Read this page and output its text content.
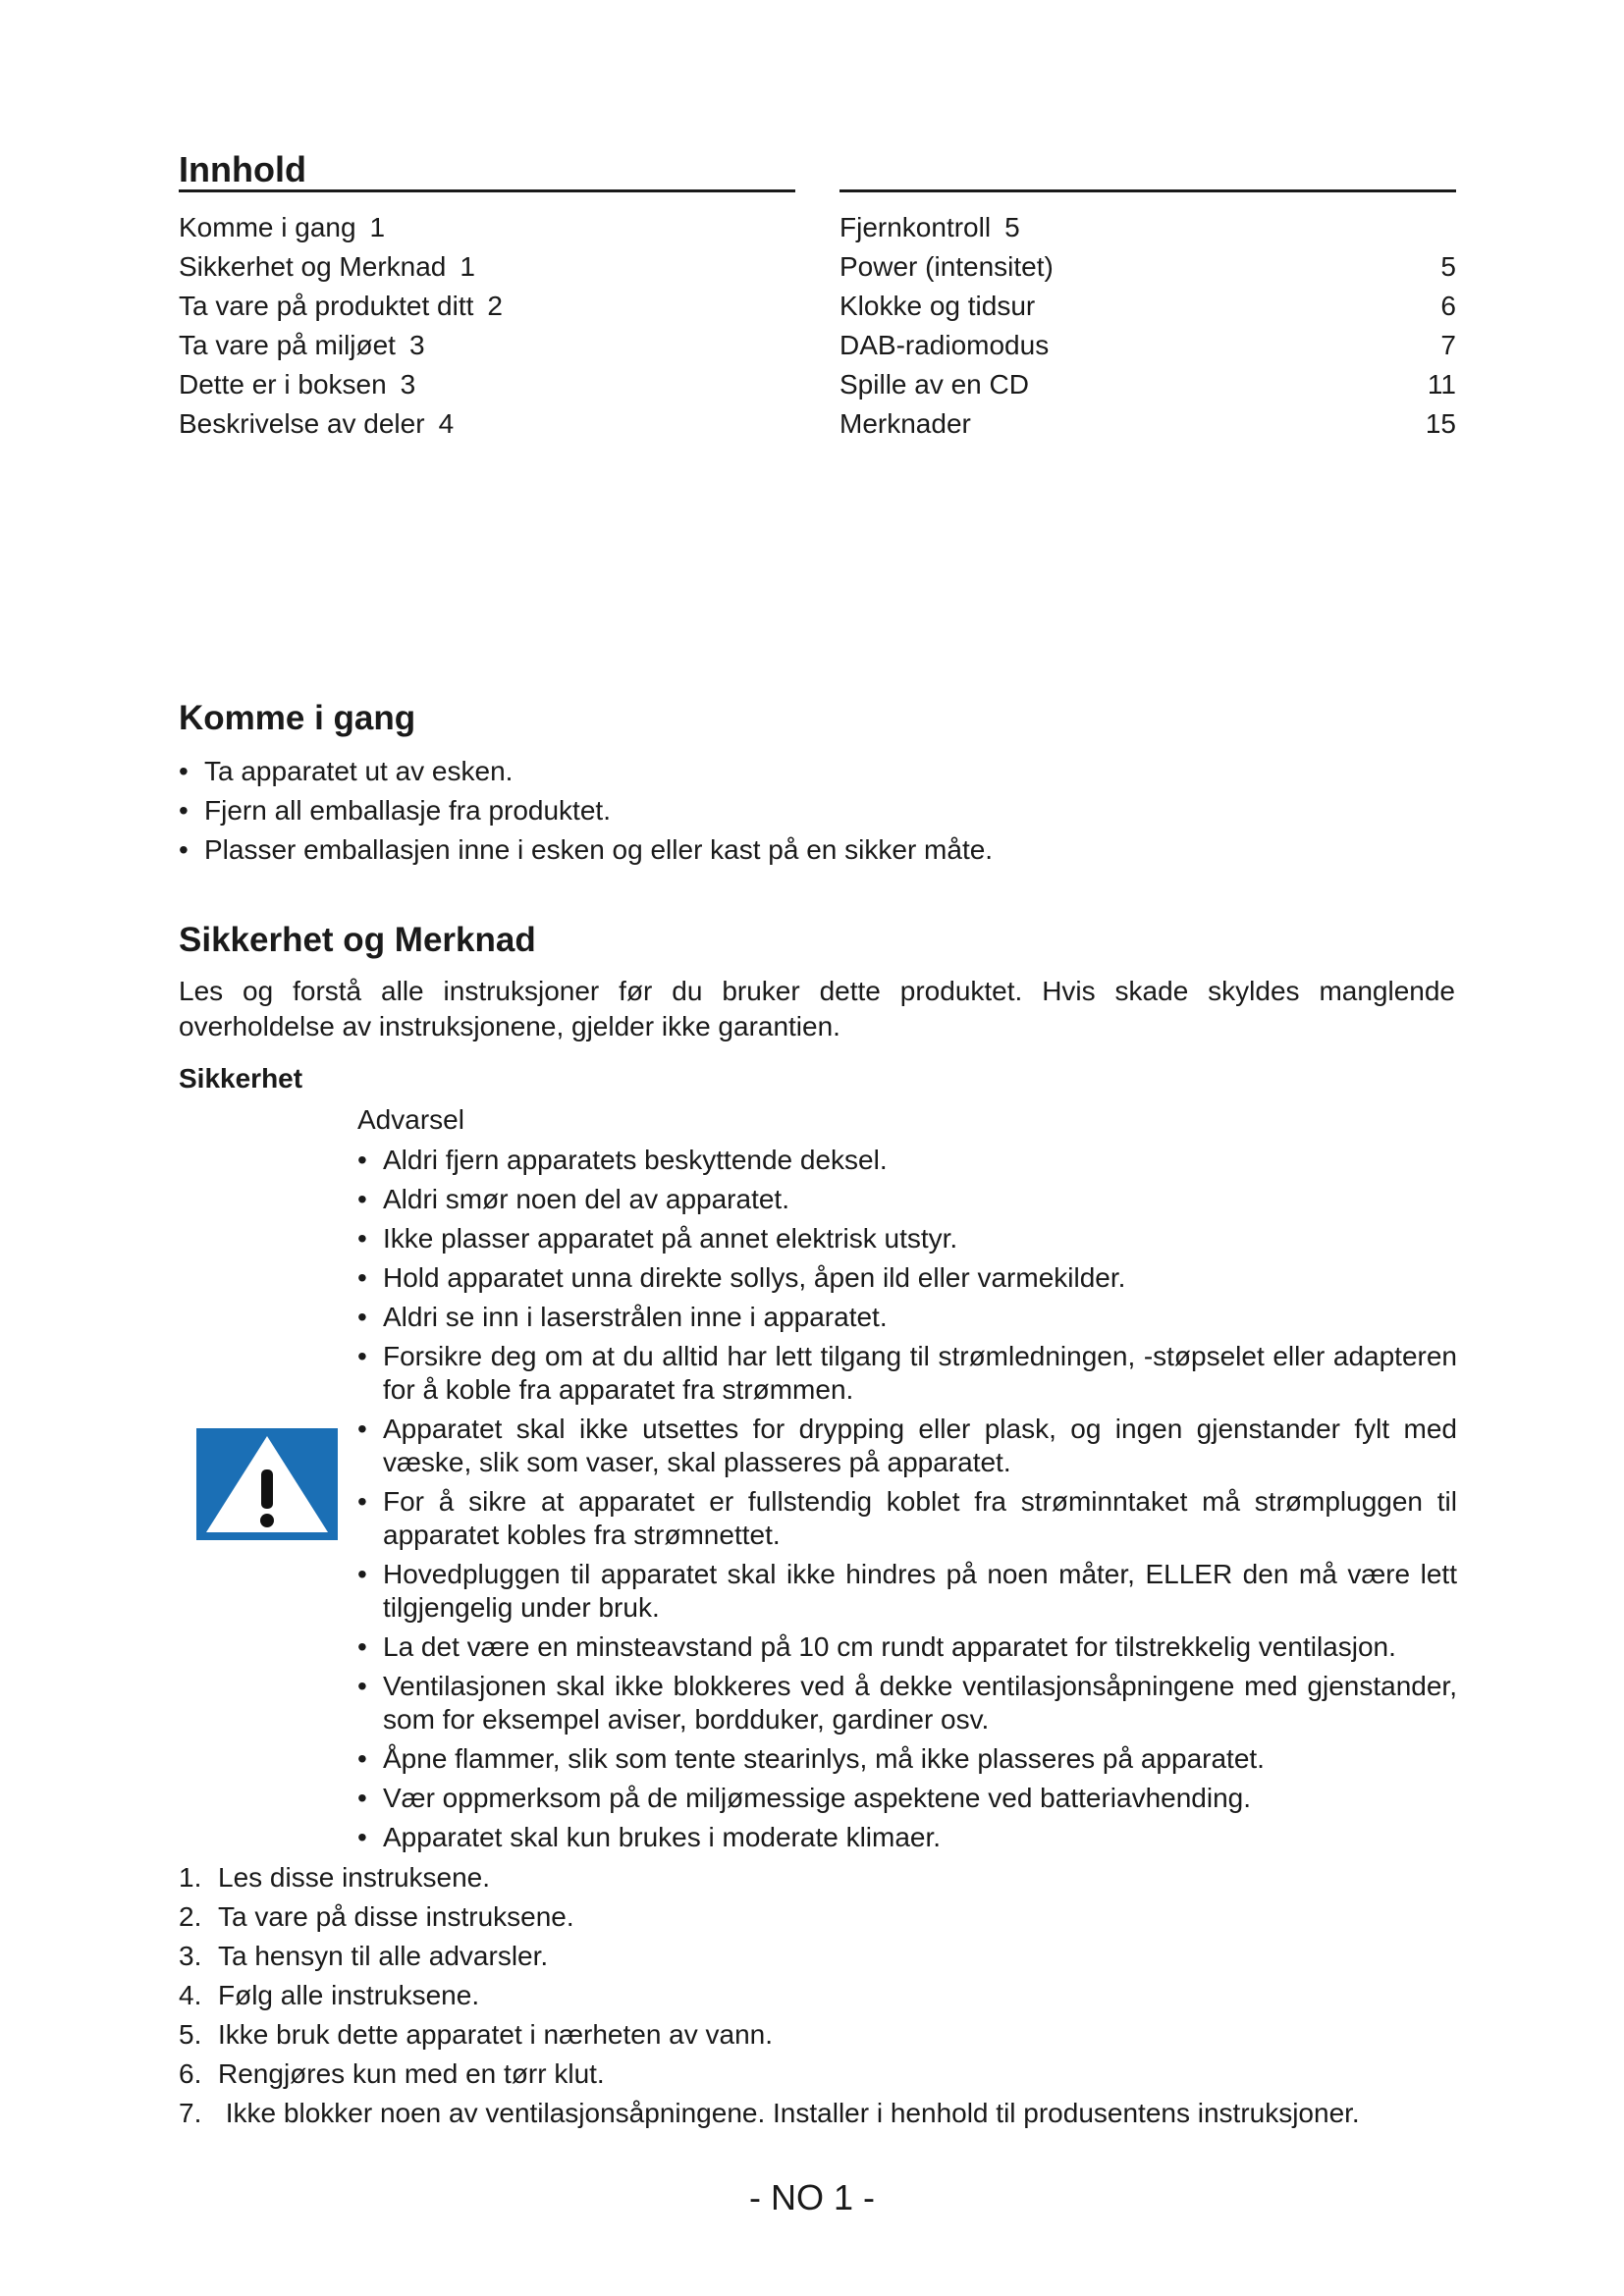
Innhold
Komme i gang 1
Sikkerhet og Merknad 1
Ta vare på produktet ditt 2
Ta vare på miljøet 3
Dette er i boksen 3
Beskrivelse av deler 4
Fjernkontroll 5
Power (intensitet)	5
Klokke og tidsur	6
DAB-radiomodus	7
Spille av en CD	11
Merknader	15
Komme i gang
• Ta apparatet ut av esken.
• Fjern all emballasje fra produktet.
• Plasser emballasjen inne i esken og eller kast på en sikker måte.
Sikkerhet og Merknad
Les og forstå alle instruksjoner før du bruker dette produktet. Hvis skade skyldes manglende overholdelse av instruksjonene, gjelder ikke garantien.
Sikkerhet
Advarsel
• Aldri fjern apparatets beskyttende deksel.
• Aldri smør noen del av apparatet.
• Ikke plasser apparatet på annet elektrisk utstyr.
• Hold apparatet unna direkte sollys, åpen ild eller varmekilder.
• Aldri se inn i laserstrålen inne i apparatet.
• Forsikre deg om at du alltid har lett tilgang til strømledningen, -støpselet eller adapteren for å koble fra apparatet fra strømmen.
• Apparatet skal ikke utsettes for drypping eller plask, og ingen gjenstander fylt med væske, slik som vaser, skal plasseres på apparatet.
• For å sikre at apparatet er fullstendig koblet fra strøminntaket må strømpluggen til apparatet kobles fra strømnettet.
• Hovedpluggen til apparatet skal ikke hindres på noen måter, ELLER den må være lett tilgjengelig under bruk.
• La det være en minsteavstand på 10 cm rundt apparatet for tilstrekkelig ventilasjon.
• Ventilasjonen skal ikke blokkeres ved å dekke ventilasjonsåpningene med gjenstander, som for eksempel aviser, bordduker, gardiner osv.
• Åpne flammer, slik som tente stearinlys, må ikke plasseres på apparatet.
• Vær oppmerksom på de miljømessige aspektene ved batteriavhending.
• Apparatet skal kun brukes i moderate klimaer.
1. Les disse instruksene.
2. Ta vare på disse instruksene.
3. Ta hensyn til alle advarsler.
4. Følg alle instruksene.
5. Ikke bruk dette apparatet i nærheten av vann.
6. Rengjøres kun med en tørr klut.
7. Ikke blokker noen av ventilasjonsåpningene. Installer i henhold til produsentens instruksjoner.
- NO 1 -
